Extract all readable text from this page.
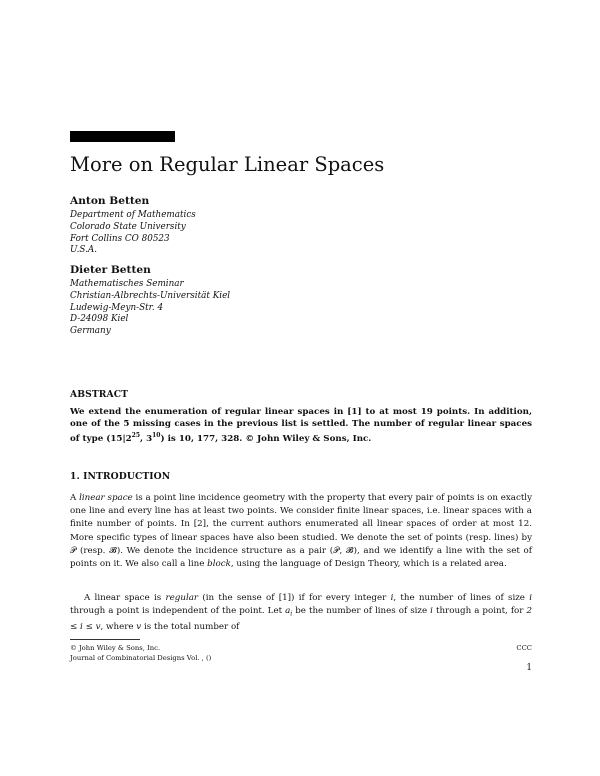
More on Regular Linear Spaces
Anton Betten
Department of Mathematics
Colorado State University
Fort Collins CO 80523
U.S.A.
Dieter Betten
Mathematisches Seminar
Christian-Albrechts-Universität Kiel
Ludewig-Meyn-Str. 4
D-24098 Kiel
Germany
ABSTRACT

We extend the enumeration of regular linear spaces in [1] to at most 19 points. In addition, one of the 5 missing cases in the previous list is settled. The number of regular linear spaces of type ($15|2^{25}$, $3^{10}$) is 10, 177, 328. © John Wiley & Sons, Inc.

1. INTRODUCTION

A linear space is a point line incidence geometry with the property that every pair of points is on exactly one line and every line has at least two points. We consider finite linear spaces, i.e. linear spaces with a finite number of points. In [2], the current authors enumerated all linear spaces of order at most 12. More specific types of linear spaces have also been studied. We denote the set of points (resp. lines) by 𝒫 (resp. 𝓑). We denote the incidence structure as a pair (𝒫, 𝓑), and we identify a line with the set of points on it. We also call a line block, using the language of Design Theory, which is a related area.

A linear space is regular (in the sense of [1]) if for every integer i, the number of lines of size i through a point is independent of the point. Let $a_i$ be the number of lines of size i through a point, for 2 ≤ i ≤ v, where v is the total number of

© John Wiley & Sons, Inc.
Journal of Combinatorial Designs Vol. , ()
CCC
1
